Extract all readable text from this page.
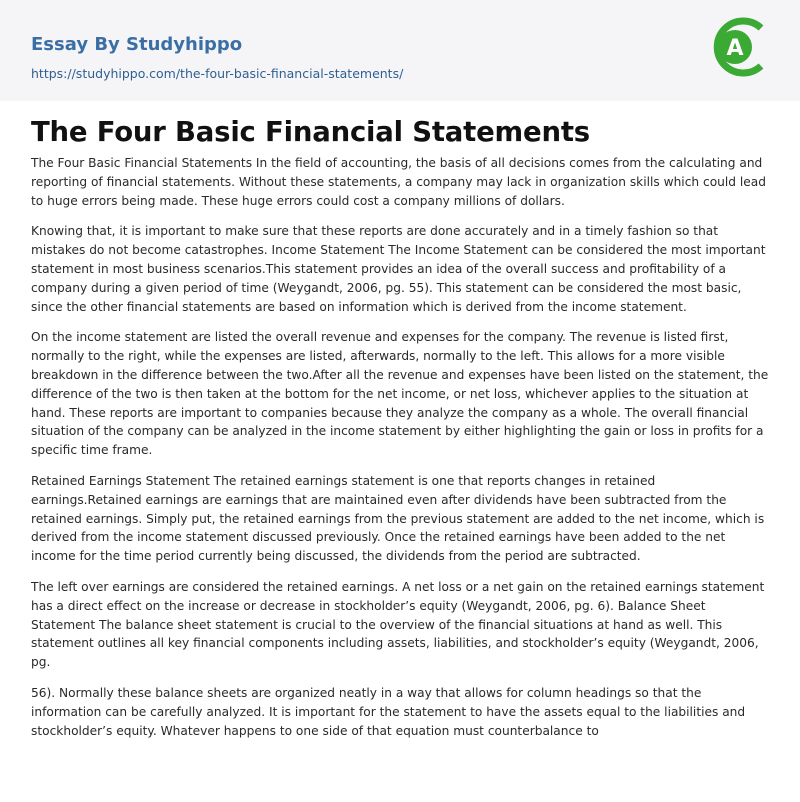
Essay By Studyhippo
https://studyhippo.com/the-four-basic-financial-statements/
A
The Four Basic Financial Statements

The Four Basic Financial Statements In the field of accounting, the basis of all decisions comes from the calculating and reporting of financial statements. Without these statements, a company may lack in organization skills which could lead to huge errors being made. These huge errors could cost a company millions of dollars.

Knowing that, it is important to make sure that these reports are done accurately and in a timely fashion so that mistakes do not become catastrophes. Income Statement The Income Statement can be considered the most important statement in most business scenarios.This statement provides an idea of the overall success and profitability of a company during a given period of time (Weygandt, 2006, pg. 55). This statement can be considered the most basic, since the other financial statements are based on information which is derived from the income statement.

On the income statement are listed the overall revenue and expenses for the company. The revenue is listed first, normally to the right, while the expenses are listed, afterwards, normally to the left. This allows for a more visible breakdown in the difference between the two.After all the revenue and expenses have been listed on the statement, the difference of the two is then taken at the bottom for the net income, or net loss, whichever applies to the situation at hand. These reports are important to companies because they analyze the company as a whole. The overall financial situation of the company can be analyzed in the income statement by either highlighting the gain or loss in profits for a specific time frame.

Retained Earnings Statement The retained earnings statement is one that reports changes in retained earnings.Retained earnings are earnings that are maintained even after dividends have been subtracted from the retained earnings. Simply put, the retained earnings from the previous statement are added to the net income, which is derived from the income statement discussed previously. Once the retained earnings have been added to the net income for the time period currently being discussed, the dividends from the period are subtracted.

The left over earnings are considered the retained earnings. A net loss or a net gain on the retained earnings statement has a direct effect on the increase or decrease in stockholder’s equity (Weygandt, 2006, pg. 6). Balance Sheet Statement The balance sheet statement is crucial to the overview of the financial situations at hand as well. This statement outlines all key financial components including assets, liabilities, and stockholder’s equity (Weygandt, 2006, pg.

56). Normally these balance sheets are organized neatly in a way that allows for column headings so that the information can be carefully analyzed. It is important for the statement to have the assets equal to the liabilities and stockholder’s equity. Whatever happens to one side of that equation must counterbalance to
